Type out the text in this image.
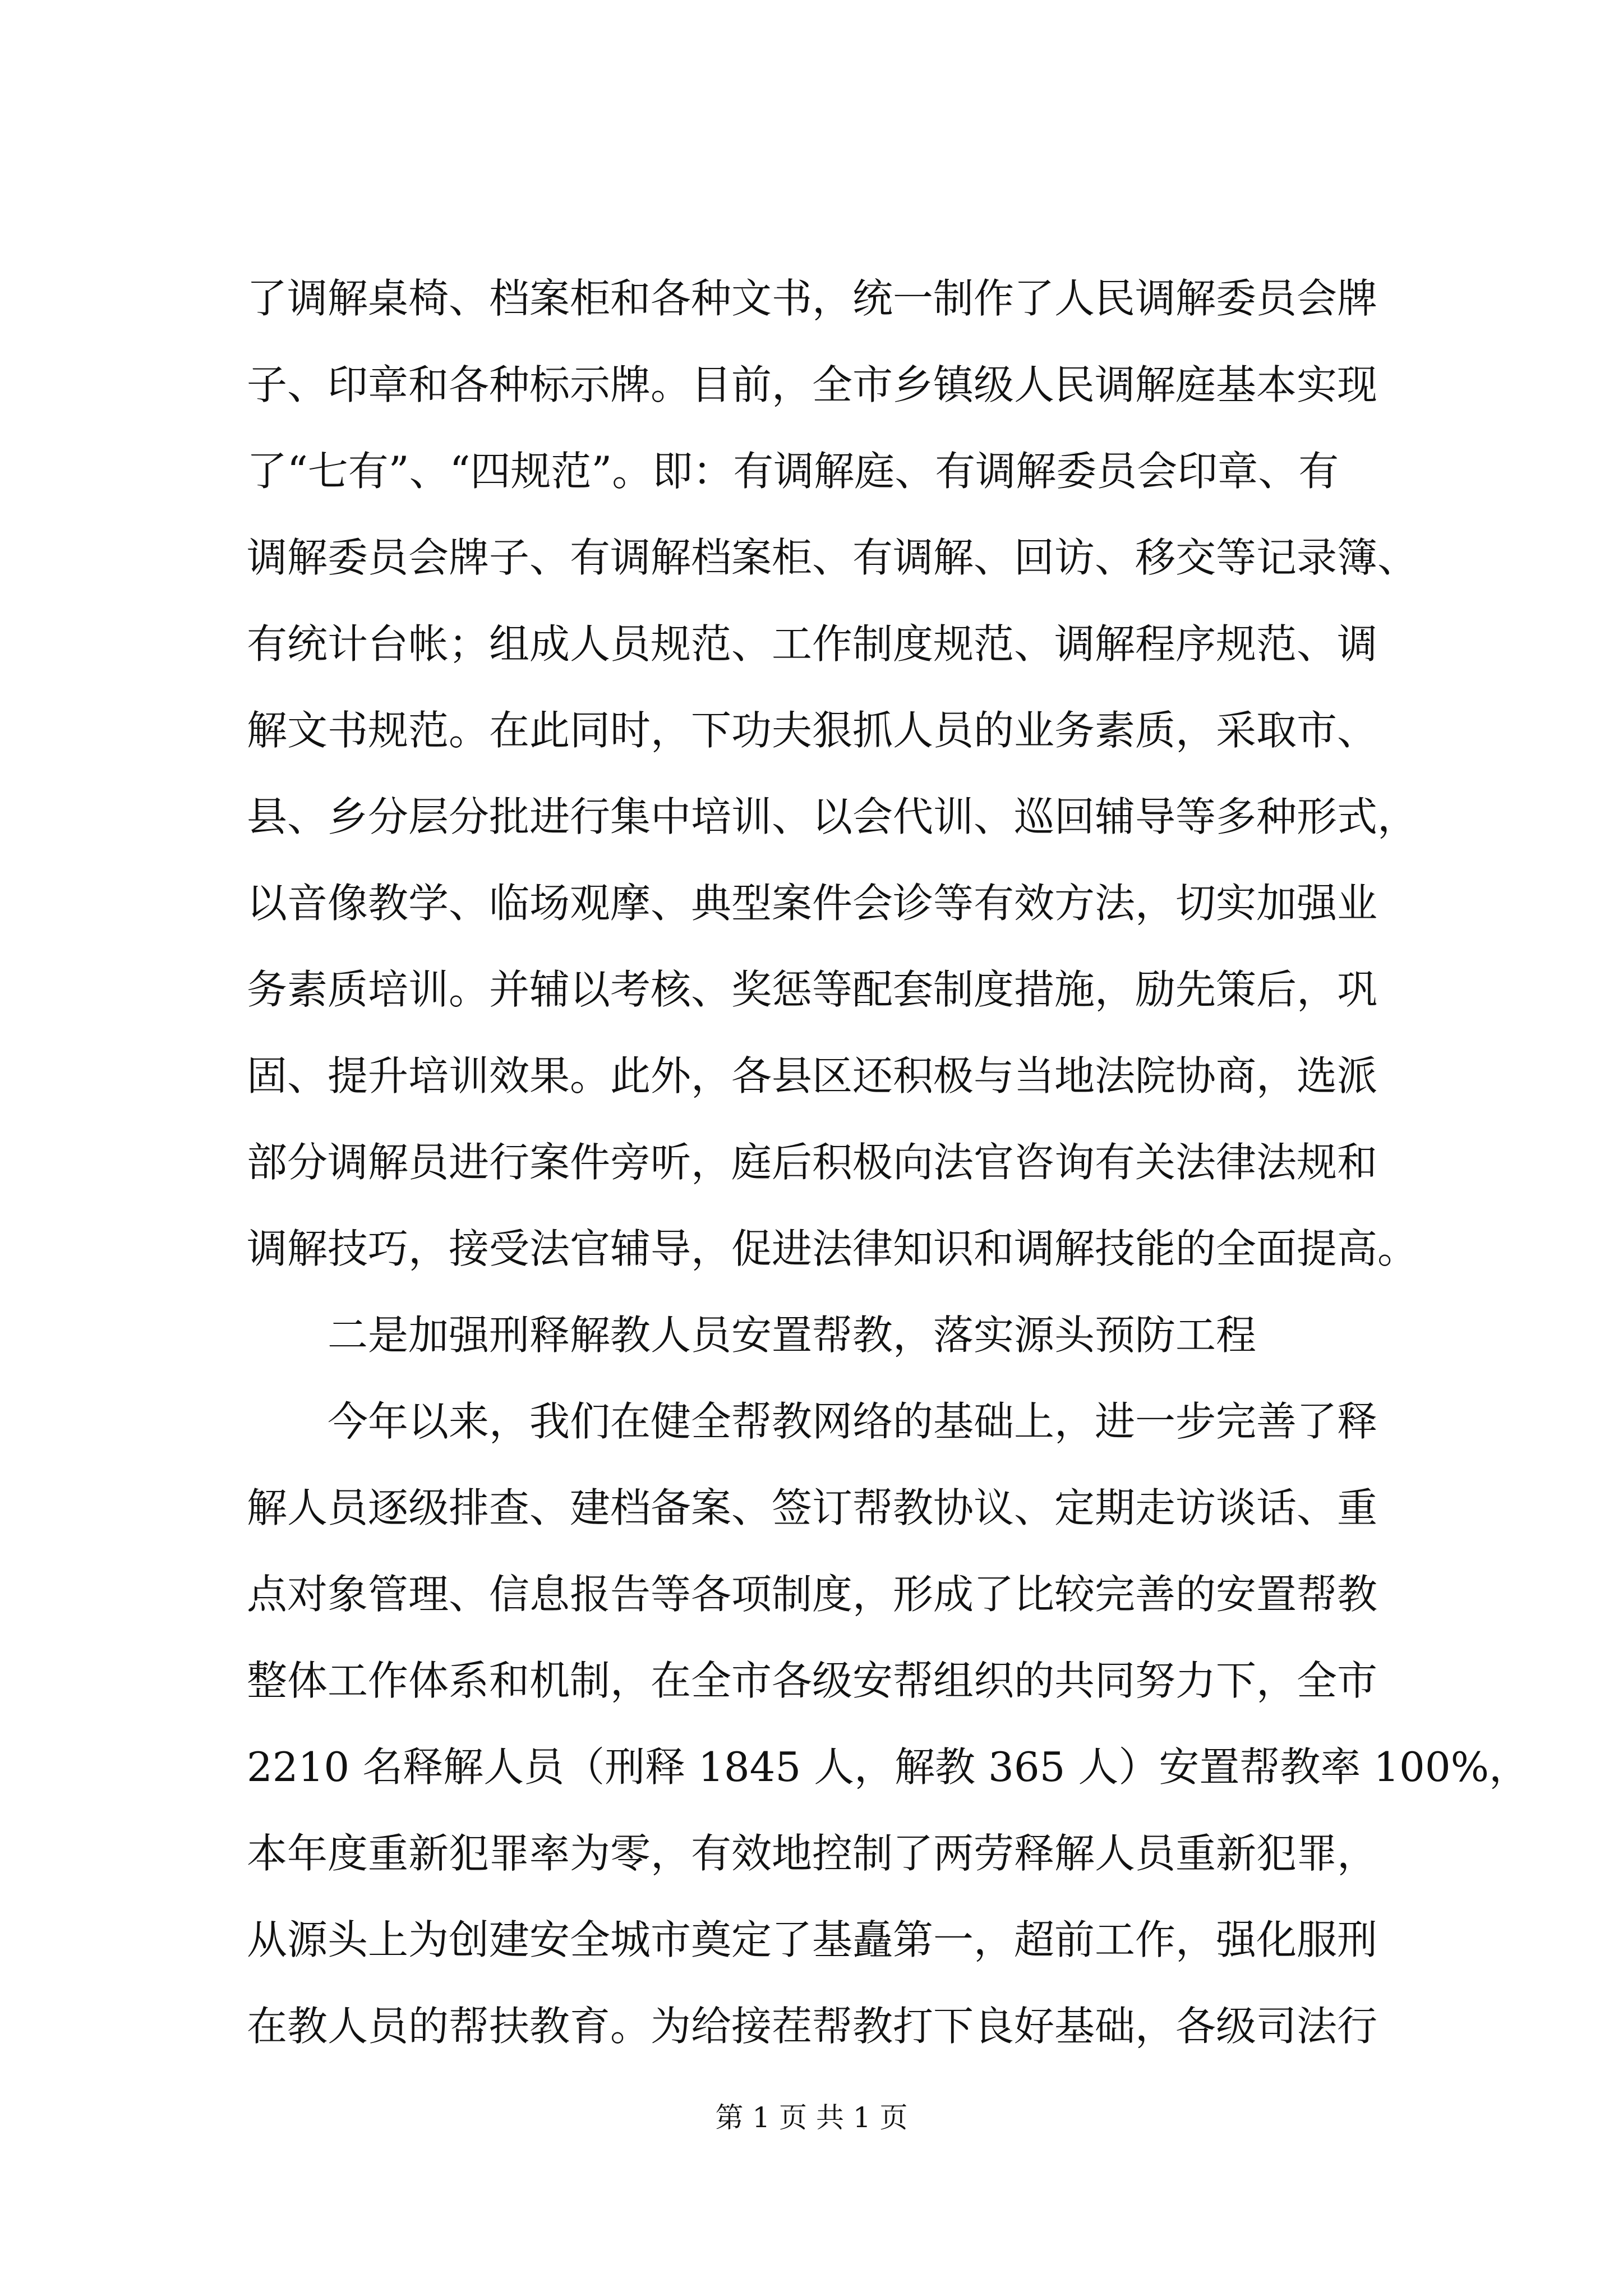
了调解桌椅、档案柜和各种文书，统一制作了人民调解委员会牌
子、印章和各种标示牌。目前，全市乡镇级人民调解庭基本实现
了“七有”、“四规范”。即：有调解庭、有调解委员会印章、有
调解委员会牌子、有调解档案柜、有调解、回访、移交等记录簿、
有统计台帐；组成人员规范、工作制度规范、调解程序规范、调
解文书规范。在此同时，下功夫狠抓人员的业务素质，采取市、
县、乡分层分批进行集中培训、以会代训、巡回辅导等多种形式，
以音像教学、临场观摩、典型案件会诊等有效方法，切实加强业
务素质培训。并辅以考核、奖惩等配套制度措施，励先策后，巩
固、提升培训效果。此外，各县区还积极与当地法院协商，选派
部分调解员进行案件旁听，庭后积极向法官咨询有关法律法规和
调解技巧，接受法官辅导，促进法律知识和调解技能的全面提高。
二是加强刑释解教人员安置帮教，落实源头预防工程
今年以来，我们在健全帮教网络的基础上，进一步完善了释
解人员逐级排查、建档备案、签订帮教协议、定期走访谈话、重
点对象管理、信息报告等各项制度，形成了比较完善的安置帮教
整体工作体系和机制，在全市各级安帮组织的共同努力下，全市
2210 名释解人员（刑释 1845 人，解教 365 人）安置帮教率 100%，
本年度重新犯罪率为零，有效地控制了两劳释解人员重新犯罪，
从源头上为创建安全城市奠定了基矗第一，超前工作，强化服刑
在教人员的帮扶教育。为给接茬帮教打下良好基础，各级司法行
第 1 页 共 1 页
